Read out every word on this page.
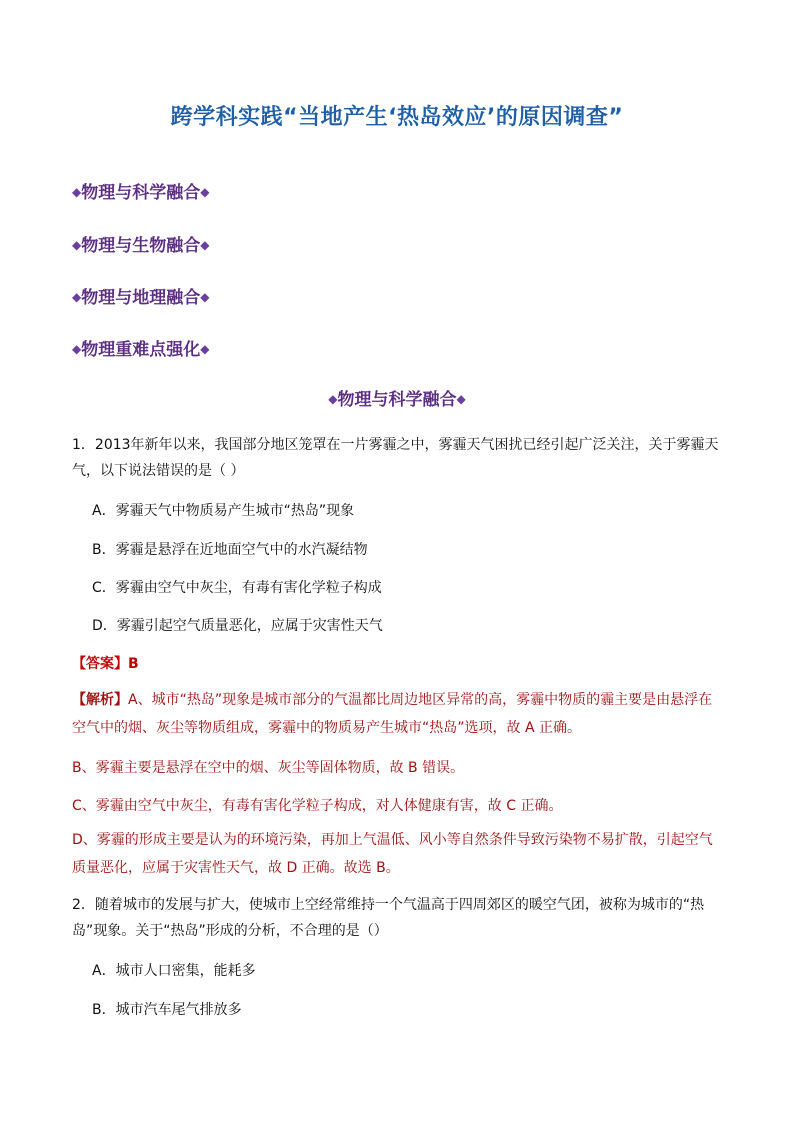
跨学科实践“当地产生‘热岛效应’的原因调查”
◆物理与科学融合◆
◆物理与生物融合◆
◆物理与地理融合◆
◆物理重难点强化◆
◆物理与科学融合◆
1．2013年新年以来，我国部分地区笼罩在一片雾霾之中，雾霾天气困扰已经引起广泛关注，关于雾霾天气，以下说法错误的是（ ）
A．雾霾天气中物质易产生城市“热岛”现象
B．雾霾是悬浮在近地面空气中的水汽凝结物
C．雾霾由空气中灰尘，有毒有害化学粒子构成
D．雾霾引起空气质量恶化，应属于灾害性天气
【答案】B
【解析】A、城市“热岛”现象是城市部分的气温都比周边地区异常的高，雾霾中物质的霾主要是由悬浮在空气中的烟、灰尘等物质组成，雾霾中的物质易产生城市“热岛”选项，故 A 正确。
B、雾霾主要是悬浮在空中的烟、灰尘等固体物质，故 B 错误。
C、雾霾由空气中灰尘，有毒有害化学粒子构成，对人体健康有害，故 C 正确。
D、雾霾的形成主要是认为的环境污染，再加上气温低、风小等自然条件导致污染物不易扩散，引起空气质量恶化，应属于灾害性天气，故 D 正确。故选 B。
2．随着城市的发展与扩大，使城市上空经常维持一个气温高于四周郊区的暖空气团，被称为城市的“热岛”现象。关于“热岛”形成的分析，不合理的是（）
A．城市人口密集，能耗多
B．城市汽车尾气排放多
